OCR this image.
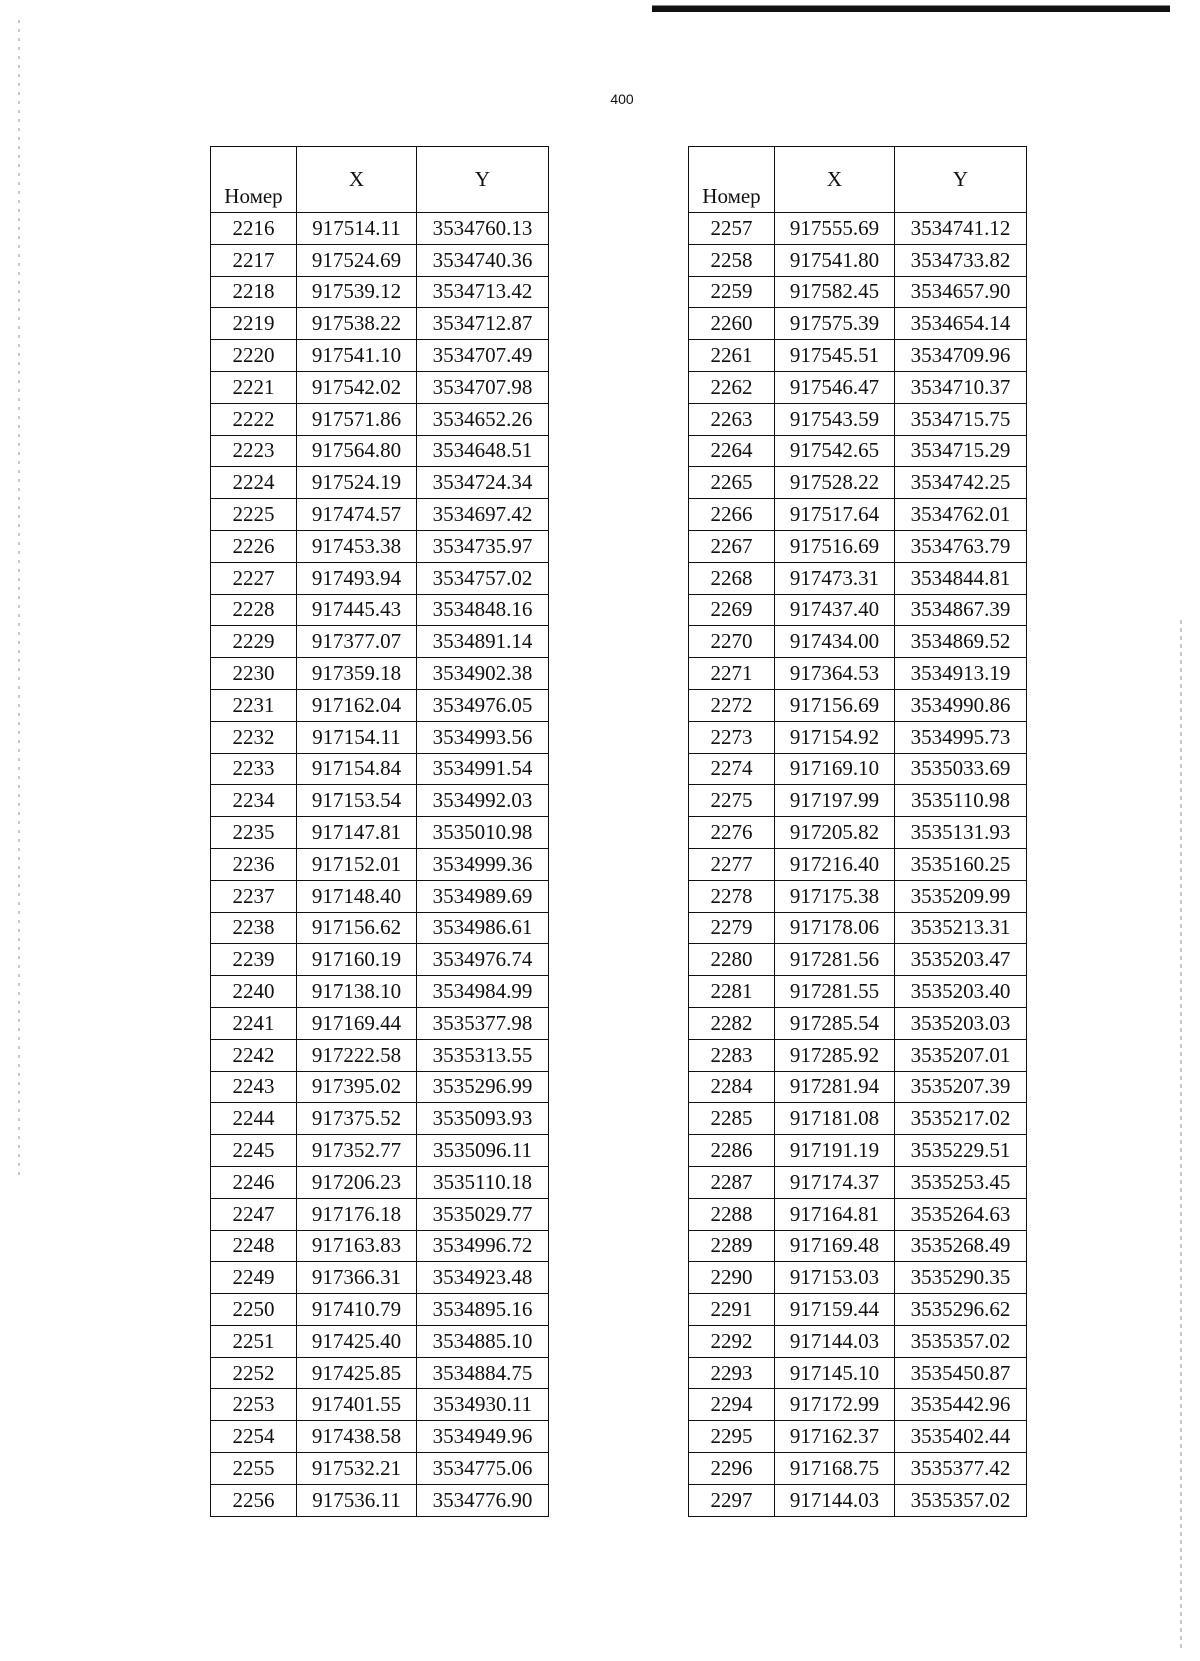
400
Номер	X	Y
2216	917514.11	3534760.13
2217	917524.69	3534740.36
2218	917539.12	3534713.42
2219	917538.22	3534712.87
2220	917541.10	3534707.49
2221	917542.02	3534707.98
2222	917571.86	3534652.26
2223	917564.80	3534648.51
2224	917524.19	3534724.34
2225	917474.57	3534697.42
2226	917453.38	3534735.97
2227	917493.94	3534757.02
2228	917445.43	3534848.16
2229	917377.07	3534891.14
2230	917359.18	3534902.38
2231	917162.04	3534976.05
2232	917154.11	3534993.56
2233	917154.84	3534991.54
2234	917153.54	3534992.03
2235	917147.81	3535010.98
2236	917152.01	3534999.36
2237	917148.40	3534989.69
2238	917156.62	3534986.61
2239	917160.19	3534976.74
2240	917138.10	3534984.99
2241	917169.44	3535377.98
2242	917222.58	3535313.55
2243	917395.02	3535296.99
2244	917375.52	3535093.93
2245	917352.77	3535096.11
2246	917206.23	3535110.18
2247	917176.18	3535029.77
2248	917163.83	3534996.72
2249	917366.31	3534923.48
2250	917410.79	3534895.16
2251	917425.40	3534885.10
2252	917425.85	3534884.75
2253	917401.55	3534930.11
2254	917438.58	3534949.96
2255	917532.21	3534775.06
2256	917536.11	3534776.90
Номер	X	Y
2257	917555.69	3534741.12
2258	917541.80	3534733.82
2259	917582.45	3534657.90
2260	917575.39	3534654.14
2261	917545.51	3534709.96
2262	917546.47	3534710.37
2263	917543.59	3534715.75
2264	917542.65	3534715.29
2265	917528.22	3534742.25
2266	917517.64	3534762.01
2267	917516.69	3534763.79
2268	917473.31	3534844.81
2269	917437.40	3534867.39
2270	917434.00	3534869.52
2271	917364.53	3534913.19
2272	917156.69	3534990.86
2273	917154.92	3534995.73
2274	917169.10	3535033.69
2275	917197.99	3535110.98
2276	917205.82	3535131.93
2277	917216.40	3535160.25
2278	917175.38	3535209.99
2279	917178.06	3535213.31
2280	917281.56	3535203.47
2281	917281.55	3535203.40
2282	917285.54	3535203.03
2283	917285.92	3535207.01
2284	917281.94	3535207.39
2285	917181.08	3535217.02
2286	917191.19	3535229.51
2287	917174.37	3535253.45
2288	917164.81	3535264.63
2289	917169.48	3535268.49
2290	917153.03	3535290.35
2291	917159.44	3535296.62
2292	917144.03	3535357.02
2293	917145.10	3535450.87
2294	917172.99	3535442.96
2295	917162.37	3535402.44
2296	917168.75	3535377.42
2297	917144.03	3535357.02
